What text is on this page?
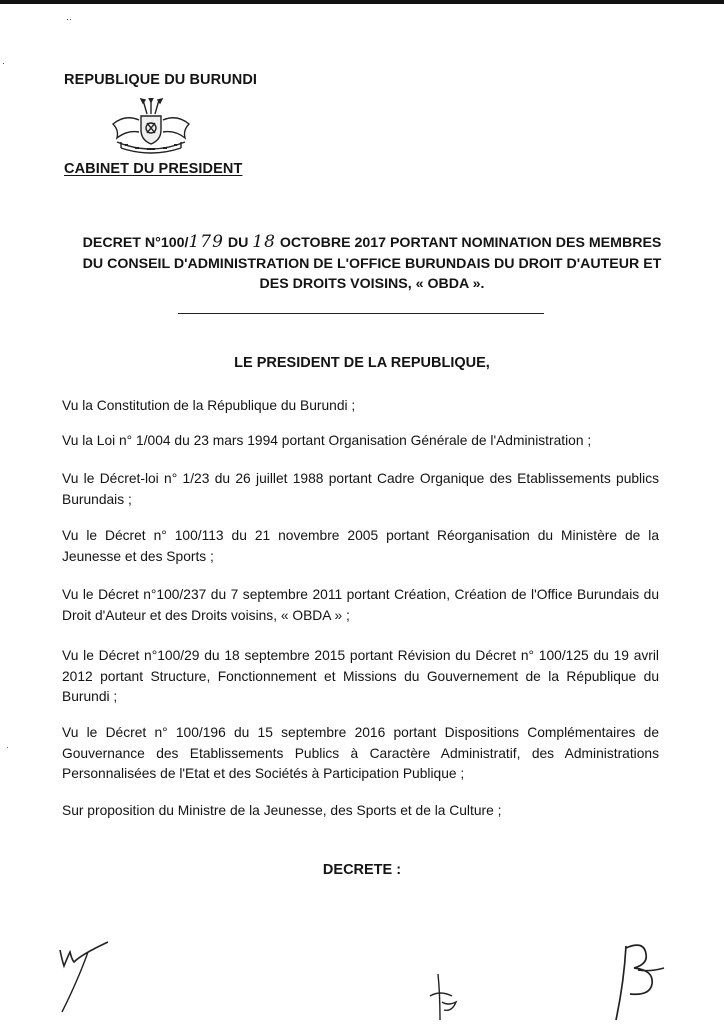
··
·
REPUBLIQUE DU BURUNDI
CABINET DU PRESIDENT
DECRET N°100/179 DU 18 OCTOBRE 2017 PORTANT NOMINATION DES MEMBRES
DU CONSEIL D'ADMINISTRATION DE L'OFFICE BURUNDAIS DU DROIT D'AUTEUR ET
DES DROITS VOISINS, « OBDA ».
LE PRESIDENT DE LA REPUBLIQUE,
Vu la Constitution de la République du Burundi ;
Vu la Loi n° 1/004 du 23 mars 1994 portant Organisation Générale de l'Administration ;
Vu le Décret-loi n° 1/23 du 26 juillet 1988 portant Cadre Organique des Etablissements publics Burundais ;
Vu le Décret n° 100/113 du 21 novembre 2005 portant Réorganisation du Ministère de la Jeunesse et des Sports ;
Vu le Décret n°100/237 du 7 septembre 2011 portant Création, Création de l'Office Burundais du Droit d'Auteur et des Droits voisins, « OBDA » ;
Vu le Décret n°100/29 du 18 septembre 2015 portant Révision du Décret n° 100/125 du 19 avril 2012 portant Structure, Fonctionnement et Missions du Gouvernement de la République du Burundi ;
Vu le Décret n° 100/196 du 15 septembre 2016 portant Dispositions Complémentaires de Gouvernance des Etablissements Publics à Caractère Administratif, des Administrations Personnalisées de l'Etat et des Sociétés à Participation Publique ;
Sur proposition du Ministre de la Jeunesse, des Sports et de la Culture ;
·
DECRETE :
